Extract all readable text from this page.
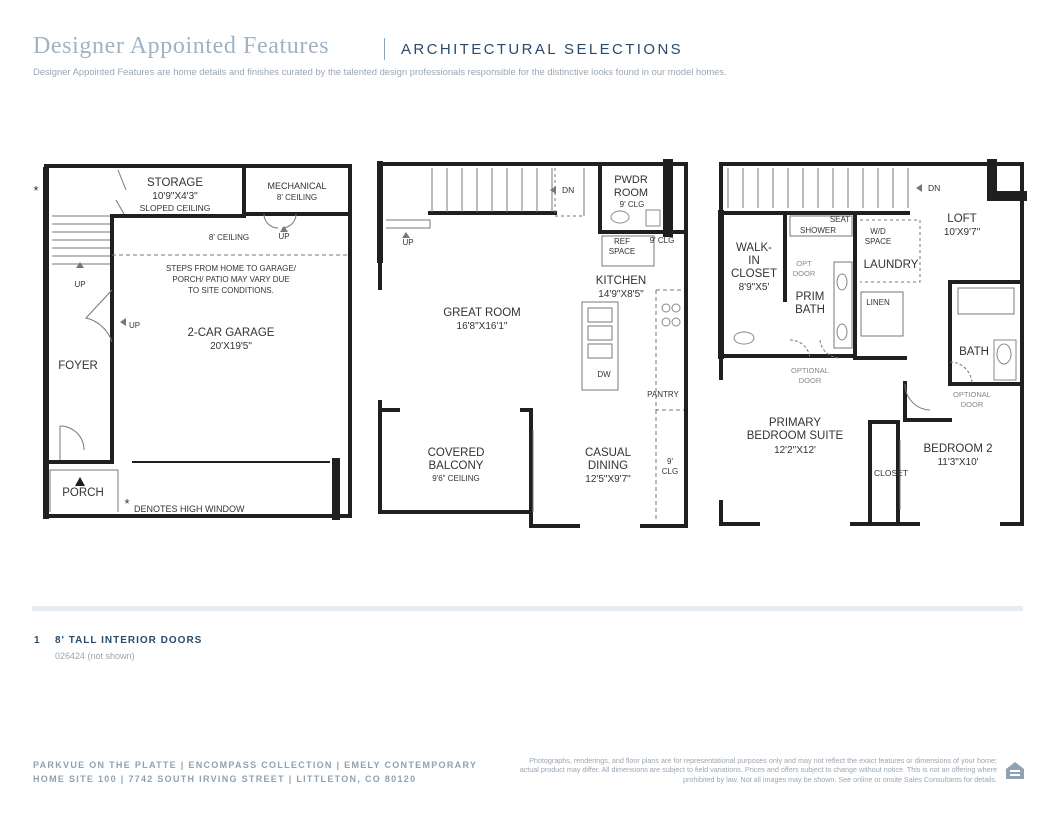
Designer Appointed Features	ARCHITECTURAL SELECTIONS
Designer Appointed Features are home details and finishes curated by the talented design professionals responsible for the distinctive looks found in our model homes.
*	STORAGE
10'9"X4'3"
SLOPED CEILING
MECHANICAL
8' CEILING
8' CEILING	UP
STEPS FROM HOME TO GARAGE/
PORCH/ PATIO MAY VARY DUE
TO SITE CONDITIONS.
UP
UP
2-CAR GARAGE
20'X19'5"
FOYER
PORCH
* DENOTES HIGH WINDOW
DN
UP
PWDR
ROOM
9' CLG
REF
SPACE
9' CLG
KITCHEN
14'9"X8'5"
GREAT ROOM
16'8"X16'1"
DW
PANTRY
COVERED
BALCONY
9'6" CEILING
CASUAL
DINING
12'5"X9'7"
9'
CLG
DN
LOFT
10'X9'7"
SEAT
SHOWER	W/D
SPACE
LAUNDRY
WALK-
IN
CLOSET
8'9"X5'
OPT
DOOR
PRIM
BATH
LINEN
BATH
OPTIONAL
DOOR
OPTIONAL
DOOR
PRIMARY
BEDROOM SUITE
12'2"X12'
CLOSET
BEDROOM 2
11'3"X10'
1 8' TALL INTERIOR DOORS
026424 (not shown)
PARKVUE ON THE PLATTE | ENCOMPASS COLLECTION | EMELY CONTEMPORARY
HOME SITE 100 | 7742 SOUTH IRVING STREET | LITTLETON, CO 80120
Photographs, renderings, and floor plans are for representational purposes only and may not reflect the exact features or dimensions of your home; actual product may differ. All dimensions are subject to field variations. Prices and offers subject to change without notice. This is not an offering where prohibited by law. Not all images may be shown. See online or onsite Sales Consultants for details.
